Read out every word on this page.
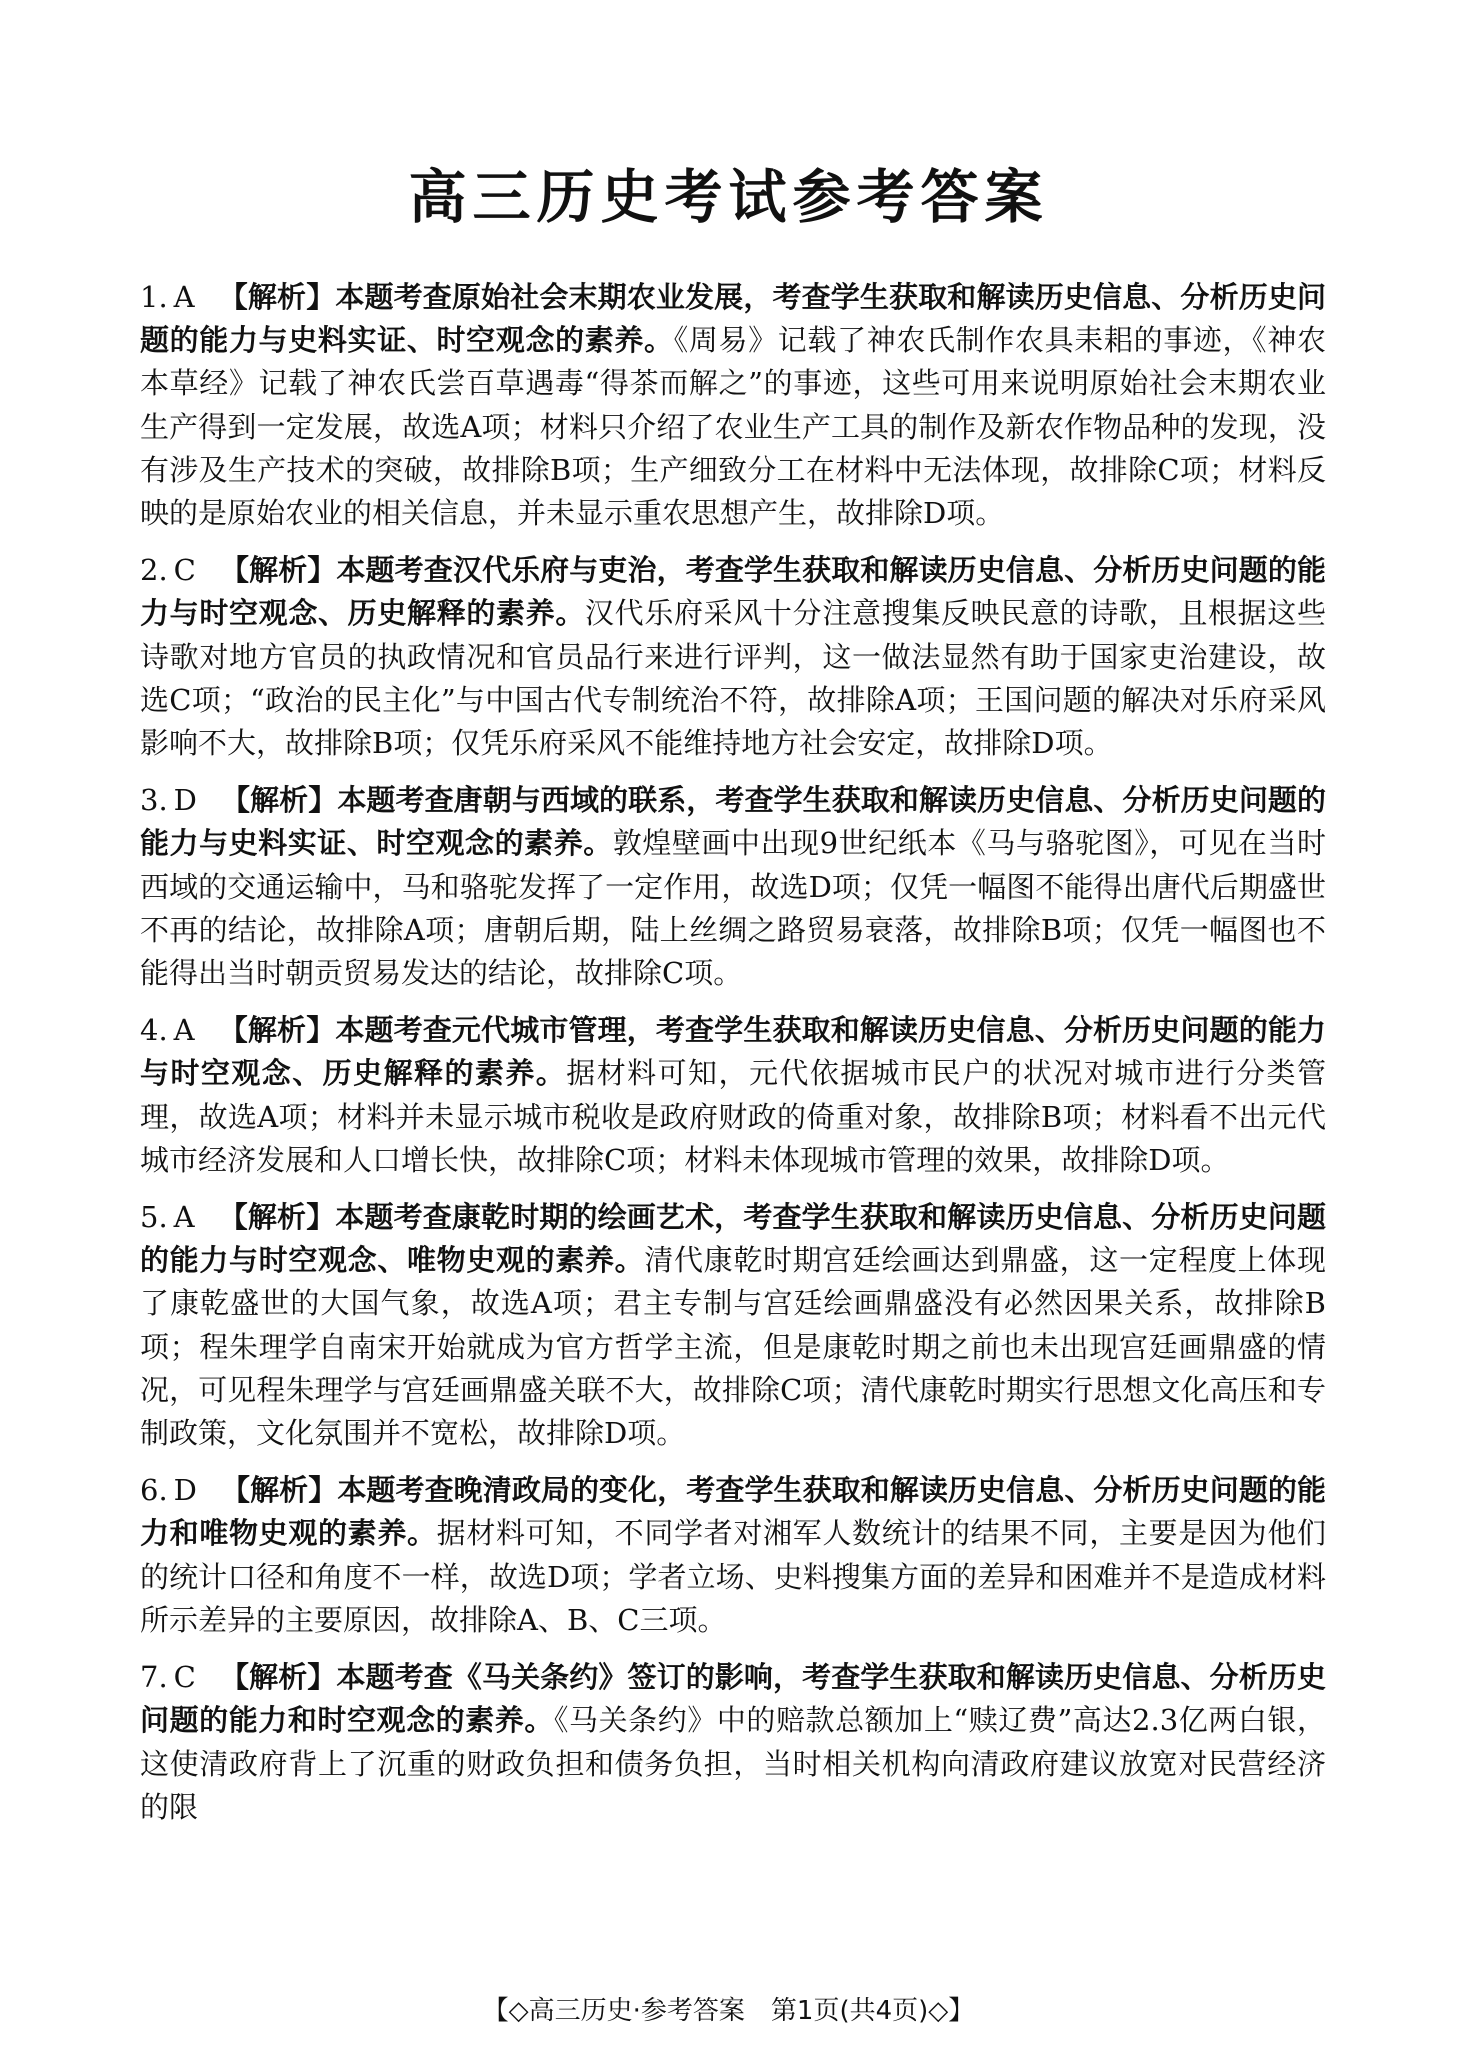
高三历史考试参考答案
1. A 【解析】本题考查原始社会末期农业发展，考查学生获取和解读历史信息、分析历史问题的能力与史料实证、时空观念的素养。《周易》记载了神农氏制作农具耒耜的事迹，《神农本草经》记载了神农氏尝百草遇毒“得茶而解之”的事迹，这些可用来说明原始社会末期农业生产得到一定发展，故选A项；材料只介绍了农业生产工具的制作及新农作物品种的发现，没有涉及生产技术的突破，故排除B项；生产细致分工在材料中无法体现，故排除C项；材料反映的是原始农业的相关信息，并未显示重农思想产生，故排除D项。
2. C 【解析】本题考查汉代乐府与吏治，考查学生获取和解读历史信息、分析历史问题的能力与时空观念、历史解释的素养。汉代乐府采风十分注意搜集反映民意的诗歌，且根据这些诗歌对地方官员的执政情况和官员品行来进行评判，这一做法显然有助于国家吏治建设，故选C项；“政治的民主化”与中国古代专制统治不符，故排除A项；王国问题的解决对乐府采风影响不大，故排除B项；仅凭乐府采风不能维持地方社会安定，故排除D项。
3. D 【解析】本题考查唐朝与西域的联系，考查学生获取和解读历史信息、分析历史问题的能力与史料实证、时空观念的素养。敦煌壁画中出现9世纪纸本《马与骆驼图》，可见在当时西域的交通运输中，马和骆驼发挥了一定作用，故选D项；仅凭一幅图不能得出唐代后期盛世不再的结论，故排除A项；唐朝后期，陆上丝绸之路贸易衰落，故排除B项；仅凭一幅图也不能得出当时朝贡贸易发达的结论，故排除C项。
4. A 【解析】本题考查元代城市管理，考查学生获取和解读历史信息、分析历史问题的能力与时空观念、历史解释的素养。据材料可知，元代依据城市民户的状况对城市进行分类管理，故选A项；材料并未显示城市税收是政府财政的倚重对象，故排除B项；材料看不出元代城市经济发展和人口增长快，故排除C项；材料未体现城市管理的效果，故排除D项。
5. A 【解析】本题考查康乾时期的绘画艺术，考查学生获取和解读历史信息、分析历史问题的能力与时空观念、唯物史观的素养。清代康乾时期宫廷绘画达到鼎盛，这一定程度上体现了康乾盛世的大国气象，故选A项；君主专制与宫廷绘画鼎盛没有必然因果关系，故排除B项；程朱理学自南宋开始就成为官方哲学主流，但是康乾时期之前也未出现宫廷画鼎盛的情况，可见程朱理学与宫廷画鼎盛关联不大，故排除C项；清代康乾时期实行思想文化高压和专制政策，文化氛围并不宽松，故排除D项。
6. D 【解析】本题考查晚清政局的变化，考查学生获取和解读历史信息、分析历史问题的能力和唯物史观的素养。据材料可知，不同学者对湘军人数统计的结果不同，主要是因为他们的统计口径和角度不一样，故选D项；学者立场、史料搜集方面的差异和困难并不是造成材料所示差异的主要原因，故排除A、B、C三项。
7. C 【解析】本题考查《马关条约》签订的影响，考查学生获取和解读历史信息、分析历史问题的能力和时空观念的素养。《马关条约》中的赔款总额加上“赎辽费”高达2.3亿两白银，这使清政府背上了沉重的财政负担和债务负担，当时相关机构向清政府建议放宽对民营经济的限
【◇高三历史·参考答案　第1页(共4页)◇】
